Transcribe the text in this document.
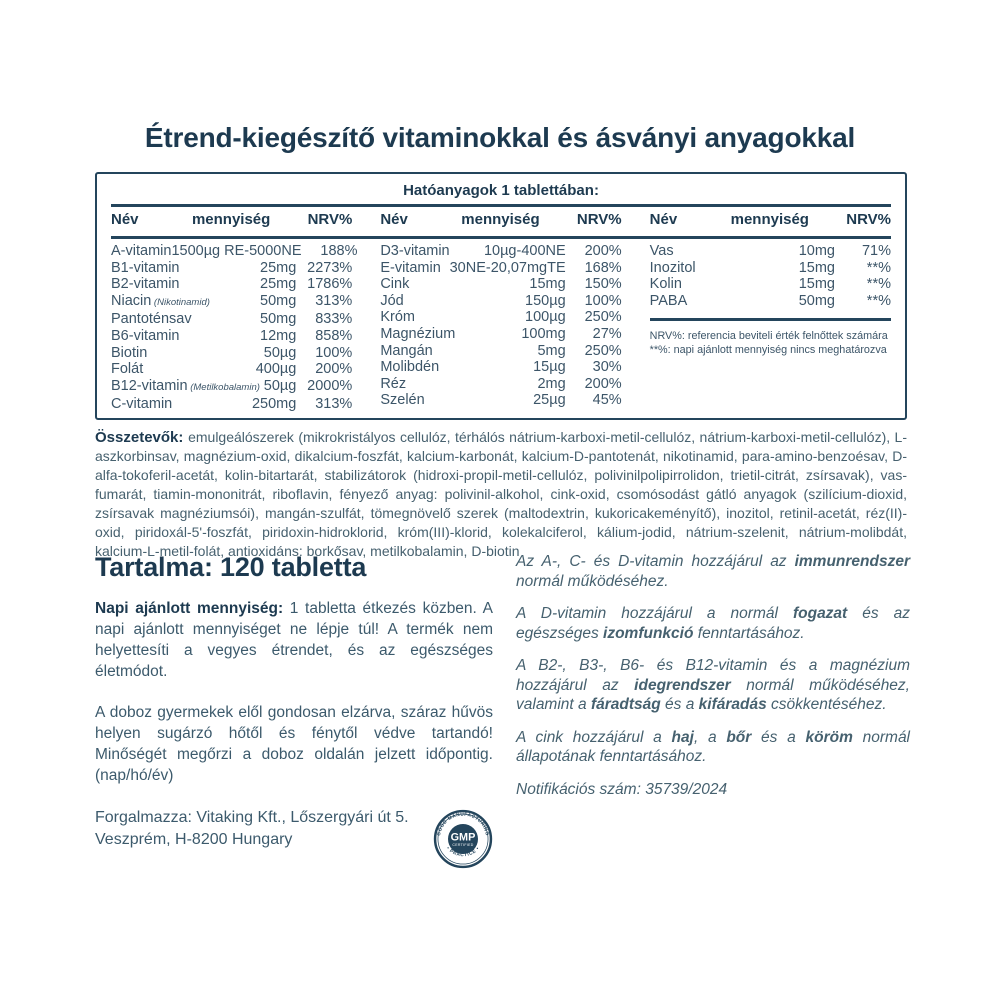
Étrend-kiegészítő vitaminokkal és ásványi anyagokkal
Hatóanyagok 1 tablettában:
Név	mennyiség	NRV% Név	mennyiség	NRV% Név	mennyiség	NRV%
A-vitamin 1500µg RE-5000NE	188%
B1-vitamin	25mg 2273%
B2-vitamin	25mg 1786%
Niacin (Nikotinamid)	50mg	313%
Pantoténsav	50mg	833%
B6-vitamin	12mg	858%
Biotin	50µg	100%
Folát	400µg	200%
B12-vitamin (Metilkobalamin) 50µg 2000%
C-vitamin	250mg	313%
D3-vitamin	10µg-400NE	200%
E-vitamin 30NE-20,07mgTE	168%
Cink	15mg	150%
Jód	150µg	100%
Króm	100µg	250%
Magnézium	100mg	27%
Mangán	5mg	250%
Molibdén	15µg	30%
Réz	2mg	200%
Szelén	25µg	45%
Vas	10mg	71%
Inozitol	15mg	**%
Kolin	15mg	**%
PABA	50mg	**%

NRV%: referencia beviteli érték felnőttek számára

**%: napi ajánlott mennyiség nincs meghatározva

Összetevők: emulgeálószerek (mikrokristályos cellulóz, térhálós nátrium-karboxi-metil-cellulóz, nátrium-karboxi-metil-cellulóz), L-aszkorbinsav, magnézium-oxid, dikalcium-foszfát, kalcium-karbonát, kalcium-D-pantotenát, nikotinamid, para-amino-benzoésav, D-alfa-tokoferil-acetát, kolin-bitartarát, stabilizátorok (hidroxi-propil-metil-cellulóz, polivinilpolipirrolidon, trietil-citrát, zsírsavak), vas-fumarát, tiamin-mononitrát, riboflavin, fényező anyag: polivinil-alkohol, cink-oxid, csomósodást gátló anyagok (szilícium-dioxid, zsírsavak magnéziumsói), mangán-szulfát, tömegnövelő szerek (maltodextrin, kukoricakeményítő), inozitol, retinil-acetát, réz(II)-oxid, piridoxál-5'-foszfát, piridoxin-hidroklorid, króm(III)-klorid, kolekalciferol, kálium-jodid, nátrium-szelenit, nátrium-molibdát, kalcium-L-metil-folát, antioxidáns: borkősav, metilkobalamin, D-biotin

Tartalma: 120 tabletta

Napi ajánlott mennyiség: 1 tabletta étkezés közben. A napi ajánlott mennyiséget ne lépje túl! A termék nem helyettesíti a vegyes étrendet, és az egészséges életmódot.

A doboz gyermekek elől gondosan elzárva, száraz hűvös helyen sugárzó hőtől és fénytől védve tartandó! Minőségét megőrzi a doboz oldalán jelzett időpontig. (nap/hó/év)

Forgalmazza: Vitaking Kft., Lőszergyári út 5.
Veszprém, H-8200 Hungary	GOOD MANUFACTURING
• PRACTICE •
GMP
CERTIFIED

Az A-, C- és D-vitamin hozzájárul az immunrendszer normál működéséhez.

A D-vitamin hozzájárul a normál fogazat és az egészséges izomfunkció fenntartásához.

A B2-, B3-, B6- és B12-vitamin és a magnézium hozzájárul az idegrendszer normál működéséhez, valamint a fáradtság és a kifáradás csökkentéséhez.

A cink hozzájárul a haj, a bőr és a köröm normál állapotának fenntartásához.

Notifikációs szám: 35739/2024
